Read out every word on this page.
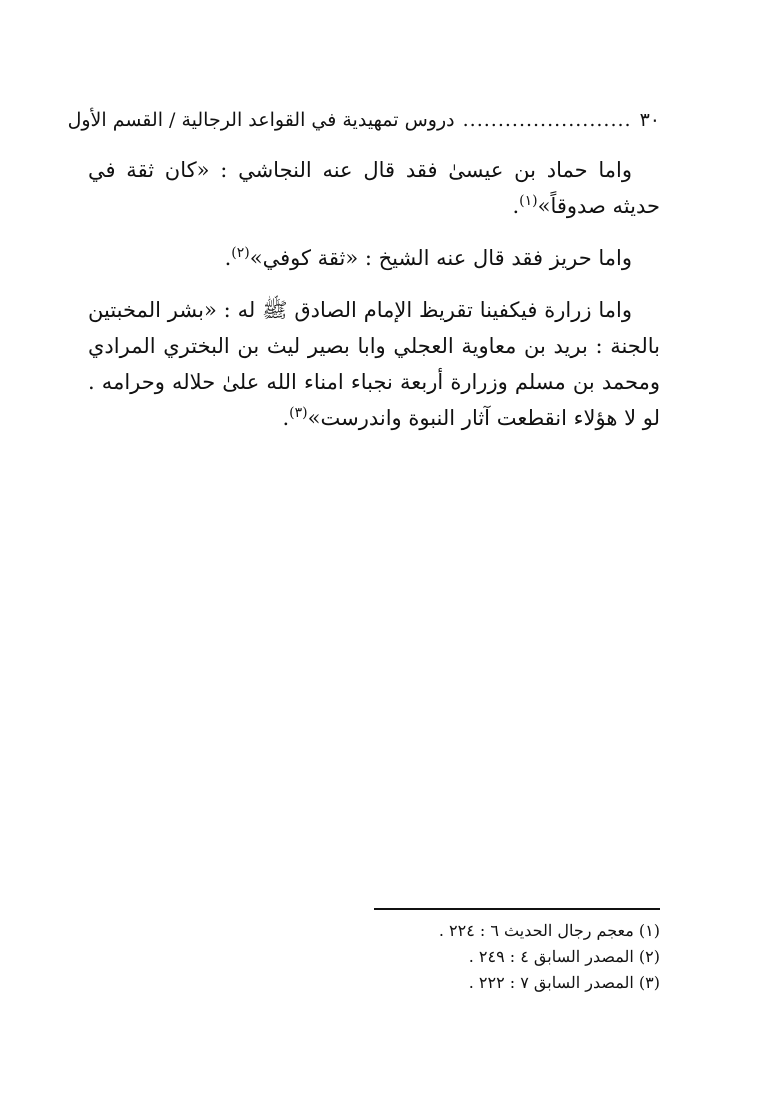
٣٠
........................
دروس تمهيدية في القواعد الرجالية / القسم الأول

واما حماد بن عيسىٰ فقد قال عنه النجاشي : «كان ثقة في حديثه صدوقاً»$^{(١)}$.

واما حريز فقد قال عنه الشيخ : «ثقة كوفي»$^{(٢)}$.

واما زرارة فيكفينا تقريظ الإمام الصادق ﷺ له : «بشر المخبتين بالجنة : بريد بن معاوية العجلي وابا بصير ليث بن البختري المرادي ومحمد بن مسلم وزرارة أربعة نجباء امناء الله علىٰ حلاله وحرامه . لو لا هؤلاء انقطعت آثار النبوة واندرست»$^{(٣)}$.

(١) معجم رجال الحديث ٦ : ٢٢٤ .

(٢) المصدر السابق ٤ : ٢٤٩ .

(٣) المصدر السابق ٧ : ٢٢٢ .
